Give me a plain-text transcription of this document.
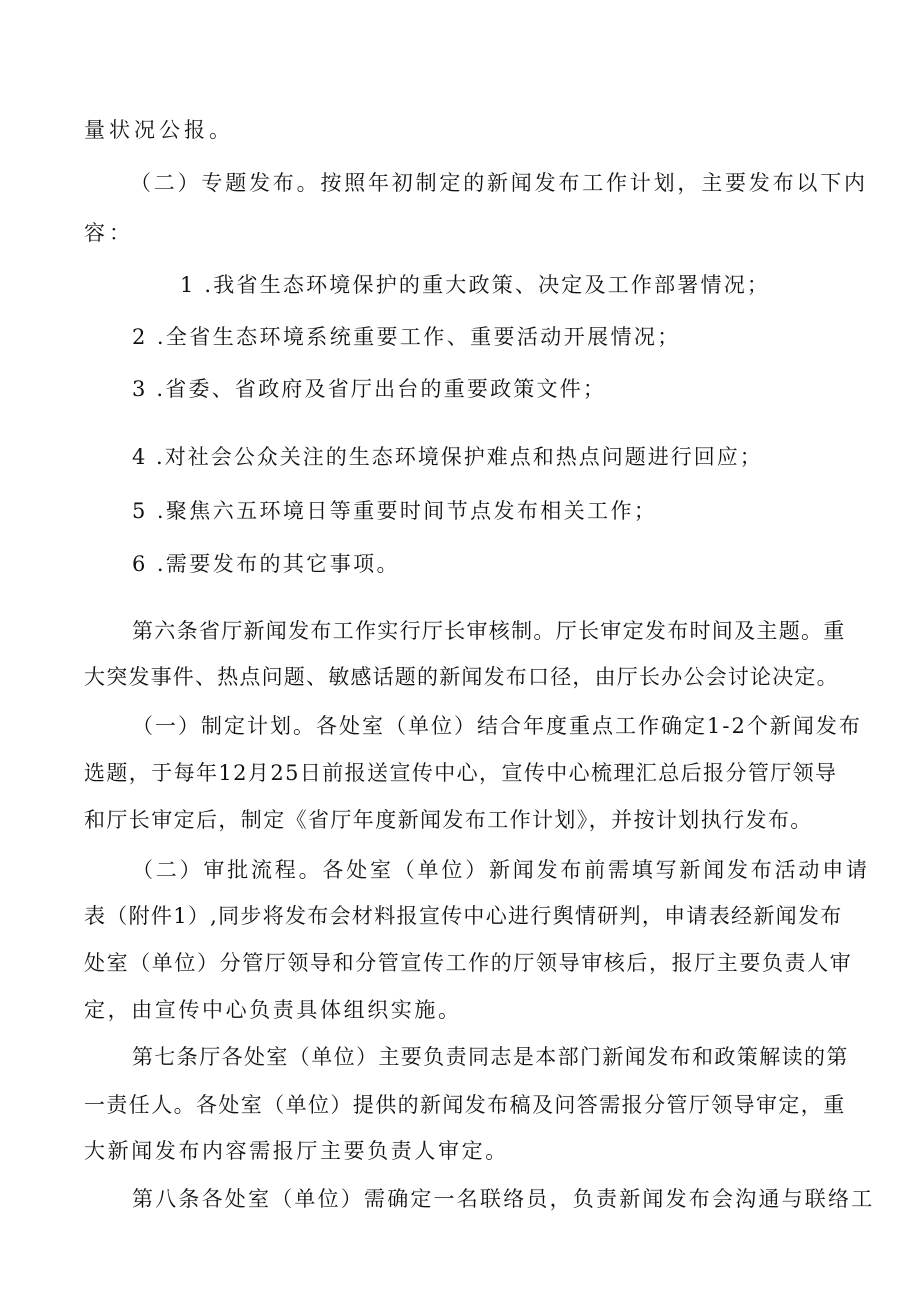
量状况公报。
（二）专题发布。按照年初制定的新闻发布工作计划，主要发布以下内
容：
1 .我省生态环境保护的重大政策、决定及工作部署情况；
2 .全省生态环境系统重要工作、重要活动开展情况；
3 .省委、省政府及省厅出台的重要政策文件；
4 .对社会公众关注的生态环境保护难点和热点问题进行回应；
5 .聚焦六五环境日等重要时间节点发布相关工作；
6 .需要发布的其它事项。
第六条省厅新闻发布工作实行厅长审核制。厅长审定发布时间及主题。重
大突发事件、热点问题、敏感话题的新闻发布口径，由厅长办公会讨论决定。
（一）制定计划。各处室（单位）结合年度重点工作确定1-2个新闻发布
选题，于每年12月25日前报送宣传中心，宣传中心梳理汇总后报分管厅领导
和厅长审定后，制定《省厅年度新闻发布工作计划》，并按计划执行发布。
（二）审批流程。各处室（单位）新闻发布前需填写新闻发布活动申请
表（附件1）,同步将发布会材料报宣传中心进行舆情研判，申请表经新闻发布
处室（单位）分管厅领导和分管宣传工作的厅领导审核后，报厅主要负责人审
定，由宣传中心负责具体组织实施。
第七条厅各处室（单位）主要负责同志是本部门新闻发布和政策解读的第
一责任人。各处室（单位）提供的新闻发布稿及问答需报分管厅领导审定，重
大新闻发布内容需报厅主要负责人审定。
第八条各处室（单位）需确定一名联络员，负责新闻发布会沟通与联络工
